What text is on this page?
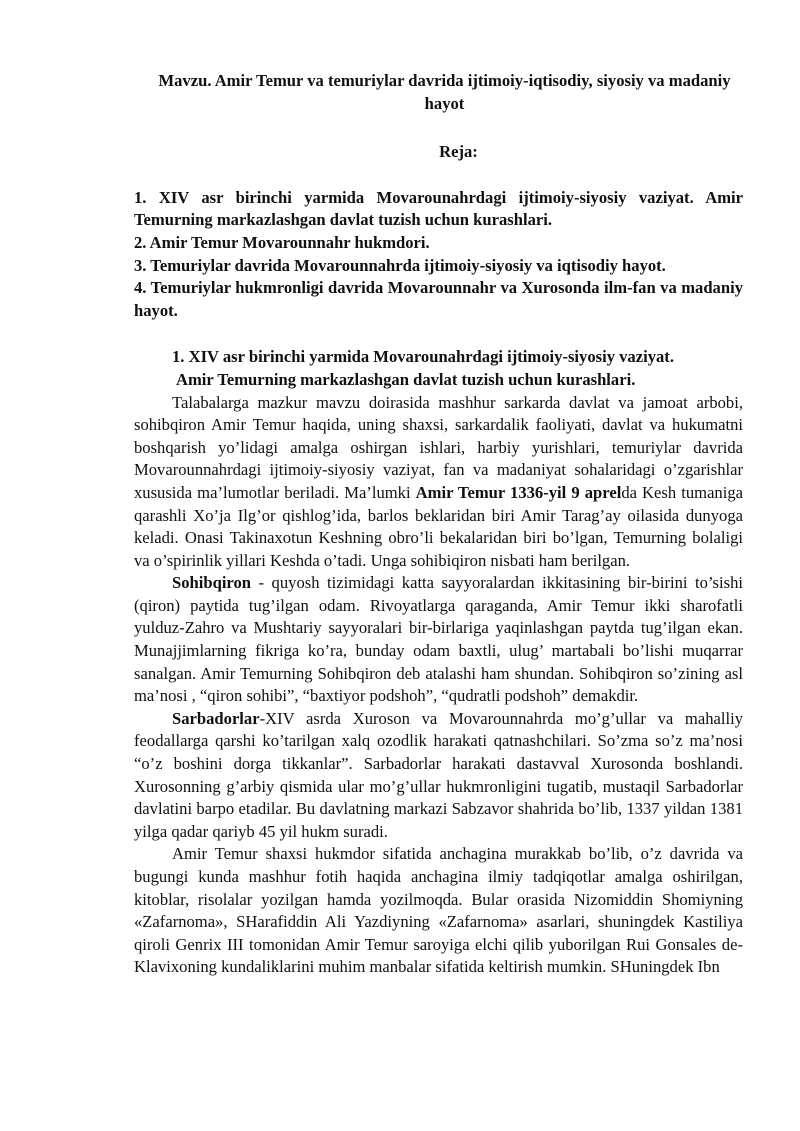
Mavzu. Amir Temur va temuriylar davrida ijtimoiy-iqtisodiy, siyosiy va madaniy hayot
Reja:

1. XIV asr birinchi yarmida Movarounahrdagi ijtimoiy-siyosiy vaziyat. Amir Temurning markazlashgan davlat tuzish uchun kurashlari.

2. Amir Temur Movarounnahr hukmdori.

3. Temuriylar davrida Movarounnahrda ijtimoiy-siyosiy va iqtisodiy hayot.

4. Temuriylar hukmronligi davrida Movarounnahr va Xurosonda ilm-fan va madaniy hayot.

1. XIV asr birinchi yarmida Movarounahrdagi ijtimoiy-siyosiy vaziyat.
Amir Temurning markazlashgan davlat tuzish uchun kurashlari.

Talabalarga mazkur mavzu doirasida mashhur sarkarda davlat va jamoat arbobi, sohibqiron Amir Temur haqida, uning shaxsi, sarkardalik faoliyati, davlat va hukumatni boshqarish yo’lidagi amalga oshirgan ishlari, harbiy yurishlari, temuriylar davrida Movarounnahrdagi ijtimoiy-siyosiy vaziyat, fan va madaniyat sohalaridagi o’zgarishlar xususida ma’lumotlar beriladi. Ma’lumki Amir Temur 1336-yil 9 aprelda Kesh tumaniga qarashli Xo’ja Ilg’or qishlog’ida, barlos beklaridan biri Amir Tarag’ay oilasida dunyoga keladi. Onasi Takinaxotun Keshning obro’li bekalaridan biri bo’lgan, Temurning bolaligi va o’spirinlik yillari Keshda o’tadi. Unga sohibiqiron nisbati ham berilgan.

Sohibqiron - quyosh tizimidagi katta sayyoralardan ikkitasining bir-birini to’sishi (qiron) paytida tug’ilgan odam. Rivoyatlarga qaraganda, Amir Temur ikki sharofatli yulduz-Zahro va Mushtariy sayyoralari bir-birlariga yaqinlashgan paytda tug’ilgan ekan. Munajjimlarning fikriga ko’ra, bunday odam baxtli, ulug’ martabali bo’lishi muqarrar sanalgan. Amir Temurning Sohibqiron deb atalashi ham shundan. Sohibqiron so’zining asl ma’nosi , “qiron sohibi”, “baxtiyor podshoh”, “qudratli podshoh” demakdir.

Sarbadorlar-XIV asrda Xuroson va Movarounnahrda mo’g’ullar va mahalliy feodallarga qarshi ko’tarilgan xalq ozodlik harakati qatnashchilari. So’zma so’z ma’nosi “o’z boshini dorga tikkanlar”. Sarbadorlar harakati dastavval Xurosonda boshlandi. Xurosonning g’arbiy qismida ular mo’g’ullar hukmronligini tugatib, mustaqil Sarbadorlar davlatini barpo etadilar. Bu davlatning markazi Sabzavor shahrida bo’lib, 1337 yildan 1381 yilga qadar qariyb 45 yil hukm suradi.

Amir Temur shaxsi hukmdor sifatida anchagina murakkab bo’lib, o’z davrida va bugungi kunda mashhur fotih haqida anchagina ilmiy tadqiqotlar amalga oshirilgan, kitoblar, risolalar yozilgan hamda yozilmoqda. Bular orasida Nizomiddin Shomiyning «Zafarnoma», SHarafiddin Ali Yazdiyning «Zafarnoma» asarlari, shuningdek Kastiliya qiroli Genrix III tomonidan Amir Temur saroyiga elchi qilib yuborilgan Rui Gonsales de- Klavixoning kundaliklarini muhim manbalar sifatida keltirish mumkin. SHuningdek Ibn
